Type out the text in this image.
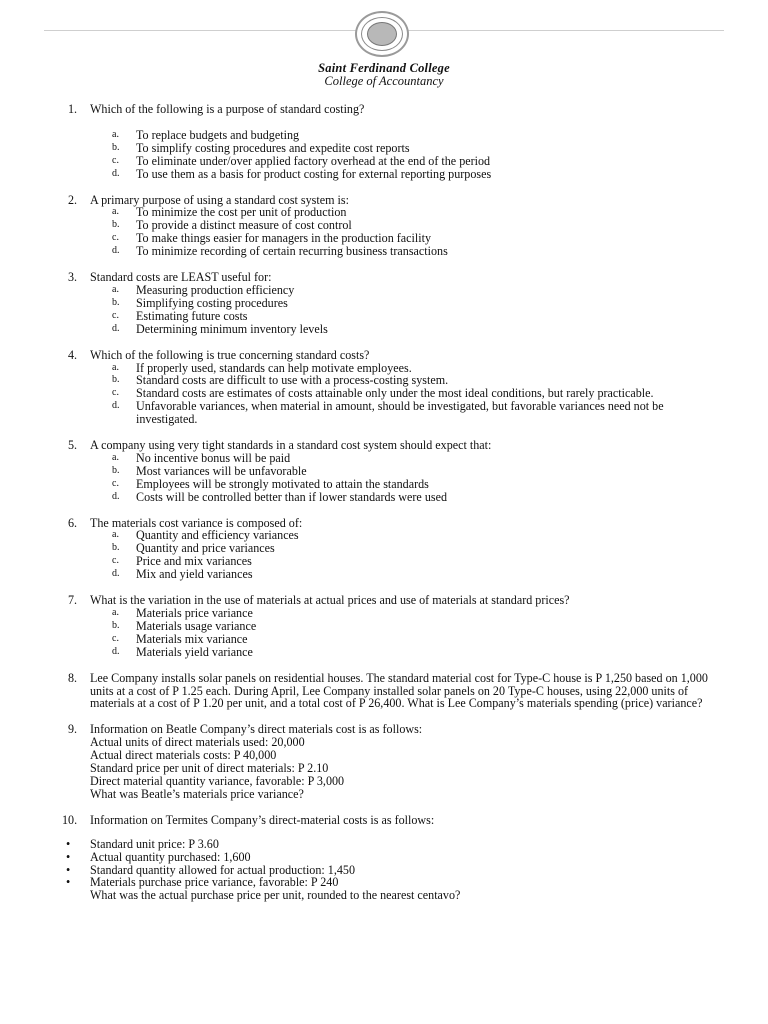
Saint Ferdinand College
College of Accountancy
1. Which of the following is a purpose of standard costing?
a. To replace budgets and budgeting
b. To simplify costing procedures and expedite cost reports
c. To eliminate under/over applied factory overhead at the end of the period
d. To use them as a basis for product costing for external reporting purposes
2. A primary purpose of using a standard cost system is:
a. To minimize the cost per unit of production
b. To provide a distinct measure of cost control
c. To make things easier for managers in the production facility
d. To minimize recording of certain recurring business transactions
3. Standard costs are LEAST useful for:
a. Measuring production efficiency
b. Simplifying costing procedures
c. Estimating future costs
d. Determining minimum inventory levels
4. Which of the following is true concerning standard costs?
a. If properly used, standards can help motivate employees.
b. Standard costs are difficult to use with a process-costing system.
c. Standard costs are estimates of costs attainable only under the most ideal conditions, but rarely practicable.
d. Unfavorable variances, when material in amount, should be investigated, but favorable variances need not be investigated.
5. A company using very tight standards in a standard cost system should expect that:
a. No incentive bonus will be paid
b. Most variances will be unfavorable
c. Employees will be strongly motivated to attain the standards
d. Costs will be controlled better than if lower standards were used
6. The materials cost variance is composed of:
a. Quantity and efficiency variances
b. Quantity and price variances
c. Price and mix variances
d. Mix and yield variances
7. What is the variation in the use of materials at actual prices and use of materials at standard prices?
a. Materials price variance
b. Materials usage variance
c. Materials mix variance
d. Materials yield variance
8. Lee Company installs solar panels on residential houses. The standard material cost for Type-C house is P 1,250 based on 1,000 units at a cost of P 1.25 each. During April, Lee Company installed solar panels on 20 Type-C houses, using 22,000 units of materials at a cost of P 1.20 per unit, and a total cost of P 26,400. What is Lee Company’s materials spending (price) variance?
9. Information on Beatle Company’s direct materials cost is as follows:
Actual units of direct materials used: 20,000
Actual direct materials costs: P 40,000
Standard price per unit of direct materials: P 2.10
Direct material quantity variance, favorable: P 3,000
What was Beatle’s materials price variance?
10. Information on Termites Company’s direct-material costs is as follows:
• Standard unit price: P 3.60
• Actual quantity purchased: 1,600
• Standard quantity allowed for actual production: 1,450
• Materials purchase price variance, favorable: P 240
What was the actual purchase price per unit, rounded to the nearest centavo?
